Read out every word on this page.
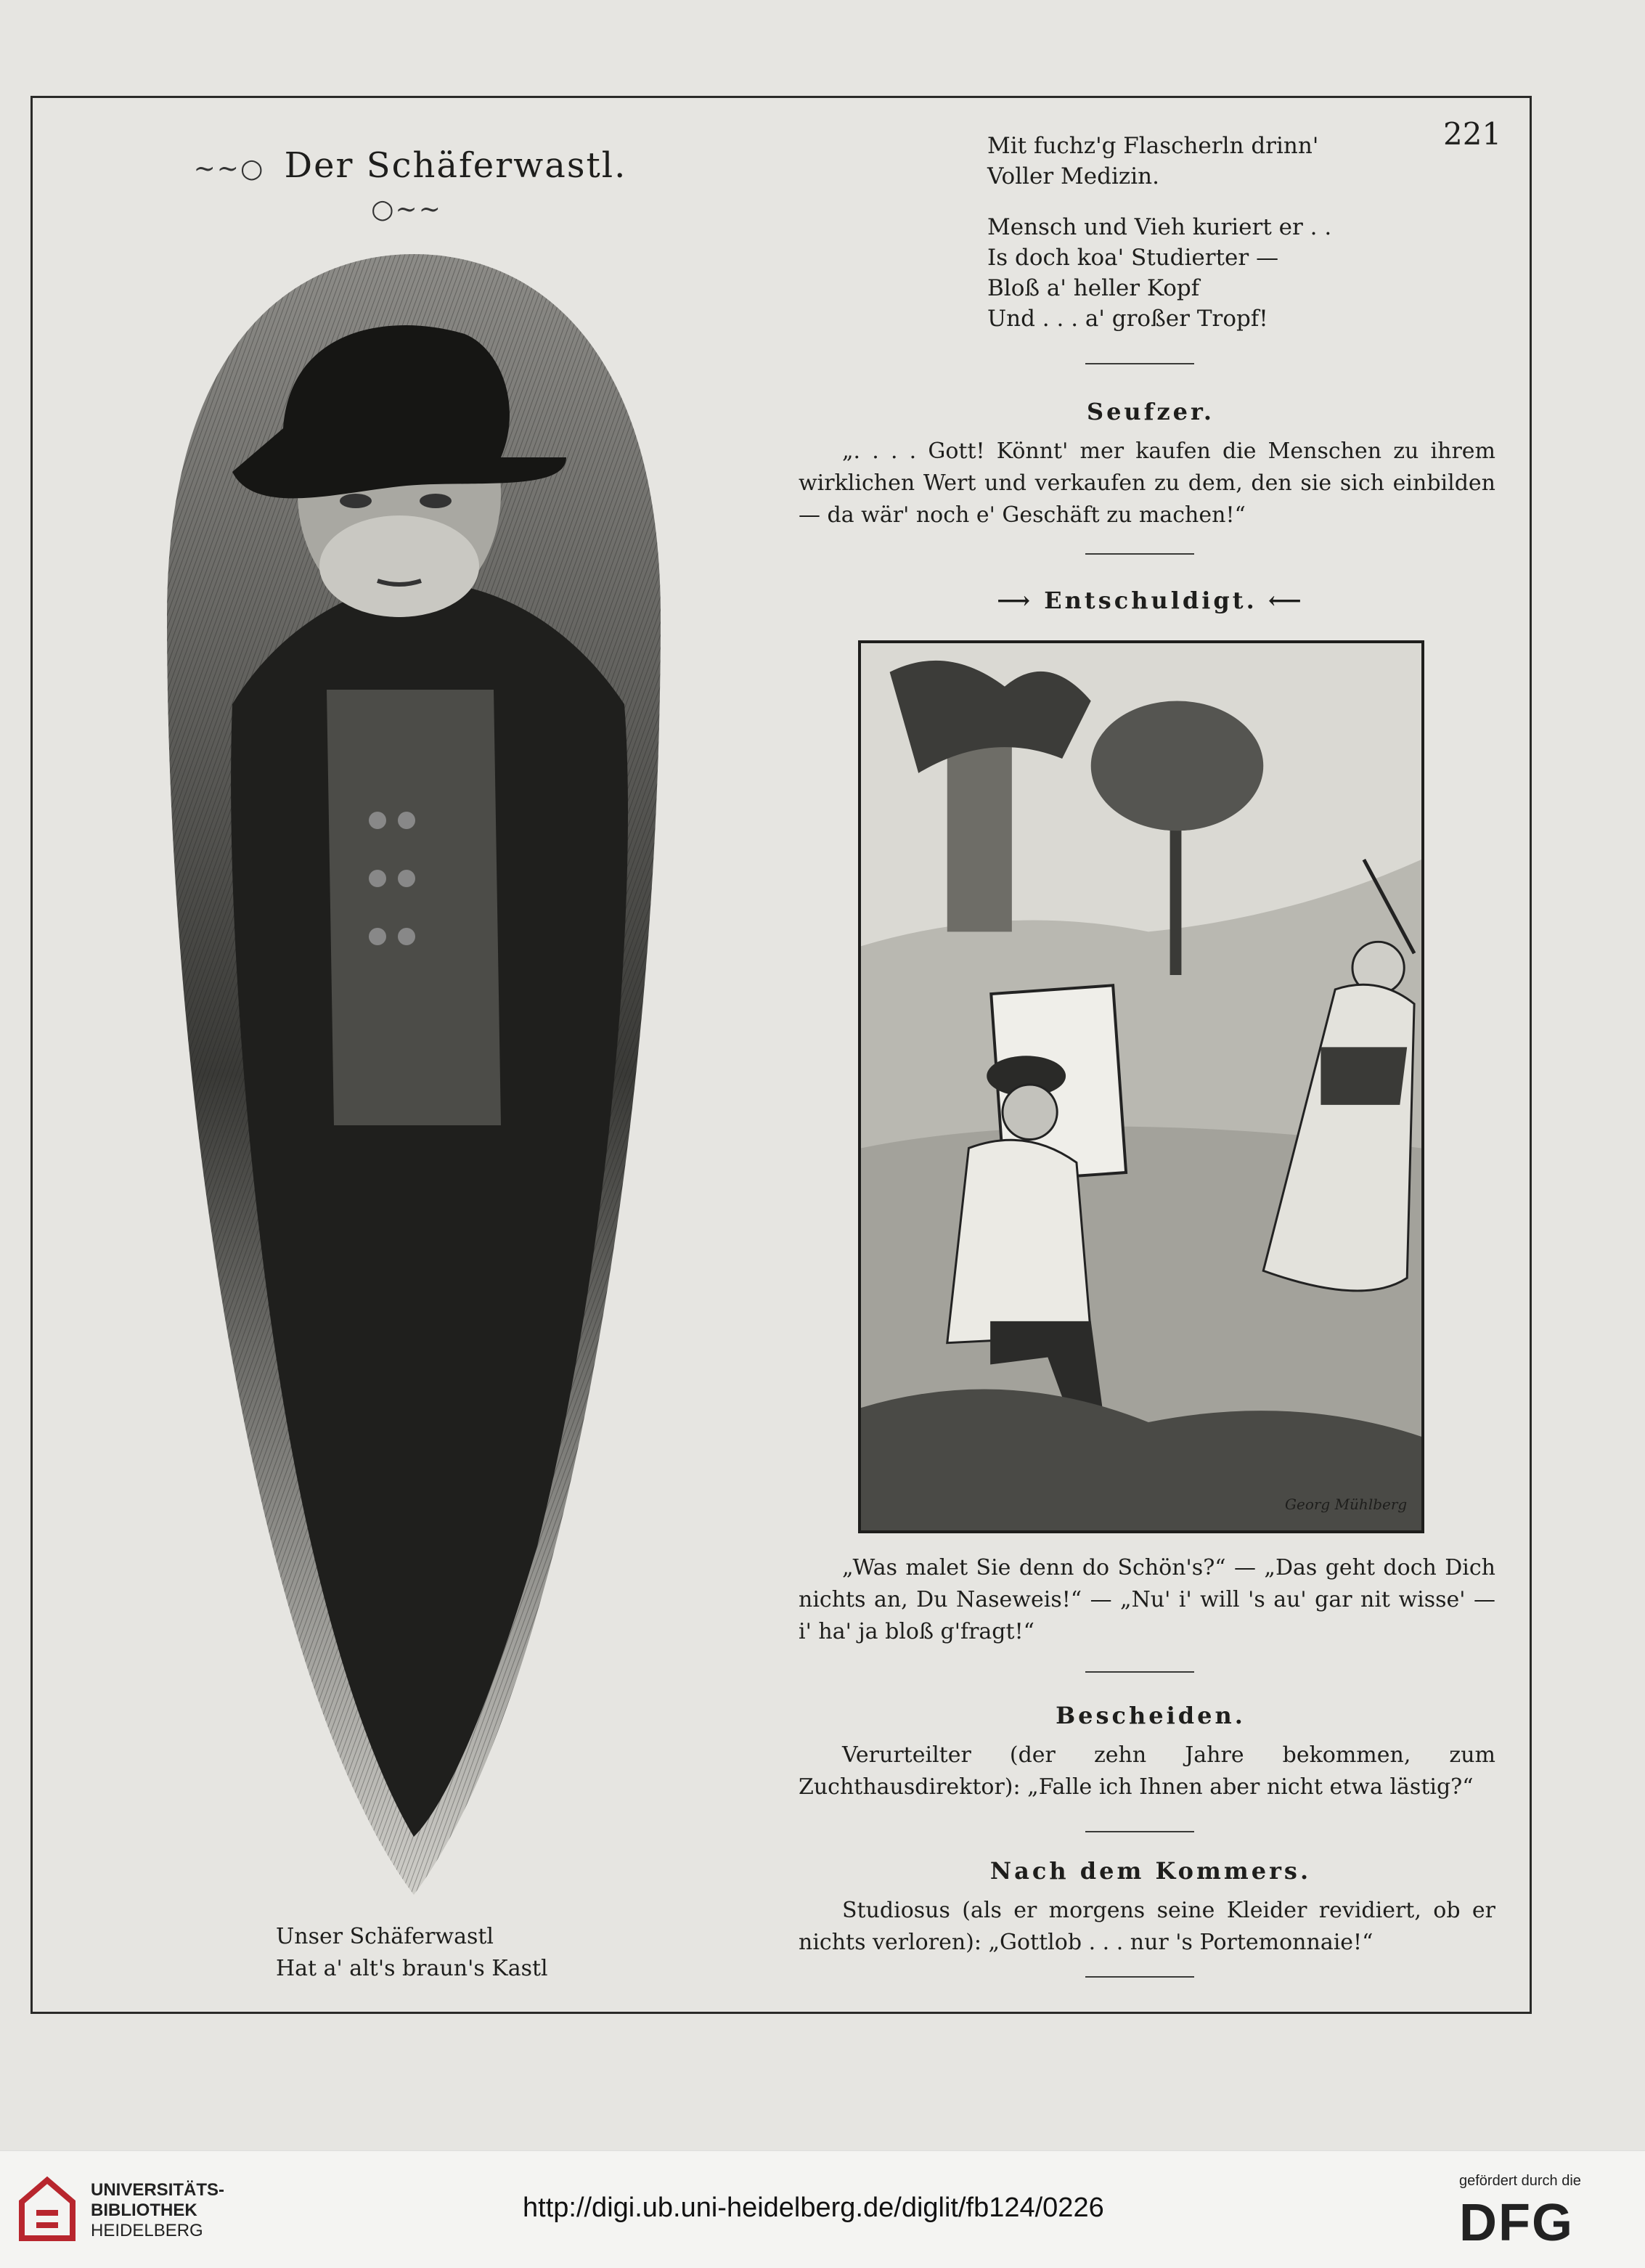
221
~~○ Der Schäferwastl. ○~~
Unser Schäferwastl
Hat a' alt's braun's Kastl
Mit fuchz'g Flascherln drinn'
Voller Medizin.
Mensch und Vieh kuriert er . .
Is doch koa' Studierter —
Bloß a' heller Kopf
Und . . . a' großer Tropf!
Seufzer.

„. . . . Gott! Könnt' mer kaufen die Menschen zu ihrem wirklichen Wert und verkaufen zu dem, den sie sich einbilden — da wär' noch e' Geschäft zu machen!“

⟶ Entschuldigt. ⟵
Georg Mühlberg

„Was malet Sie denn do Schön's?“ — „Das geht doch Dich nichts an, Du Naseweis!“ — „Nu' i' will 's au' gar nit wisse' — i' ha' ja bloß g'fragt!“

Bescheiden.

Verurteilter (der zehn Jahre bekommen, zum Zuchthausdirektor): „Falle ich Ihnen aber nicht etwa lästig?“

Nach dem Kommers.

Studiosus (als er morgens seine Kleider revidiert, ob er nichts verloren): „Gottlob . . . nur 's Portemonnaie!“

UNIVERSITÄTS-
BIBLIOTHEK
HEIDELBERG
http://digi.ub.uni-heidelberg.de/diglit/fb124/0226
gefördert durch die
DFG
